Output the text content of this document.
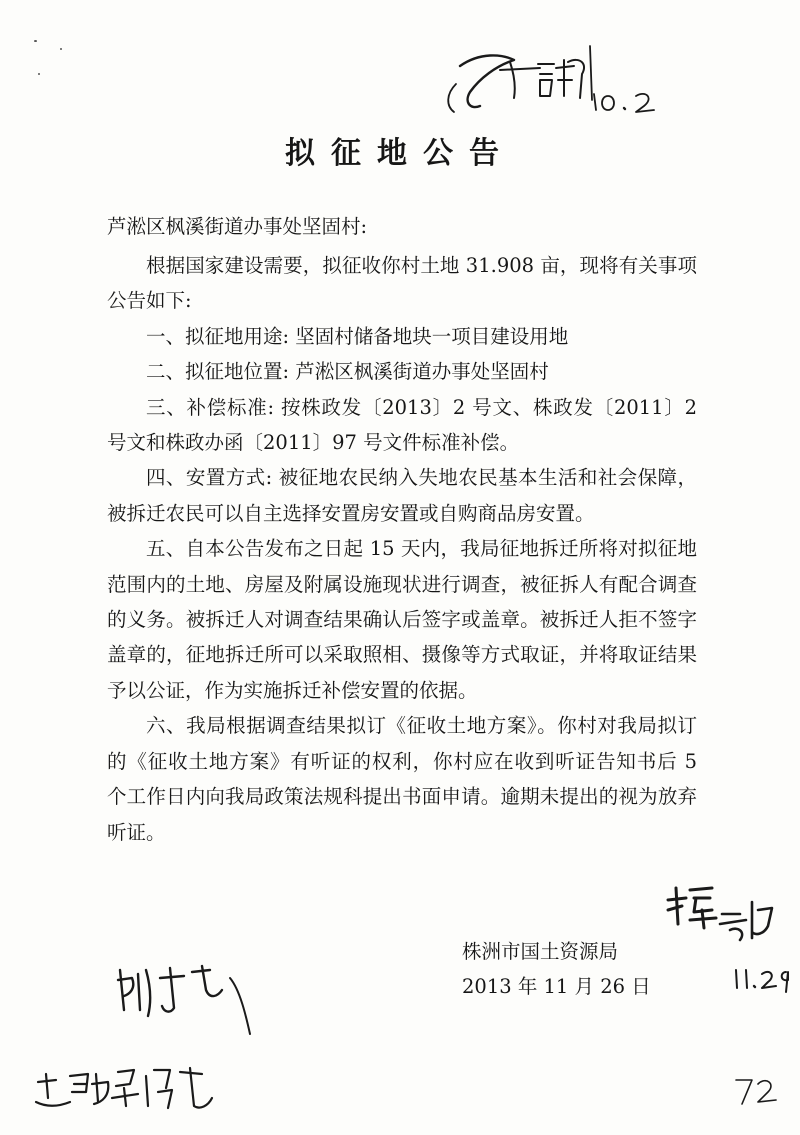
拟征地公告

芦淞区枫溪街道办事处坚固村:

根据国家建设需要，拟征收你村土地 31.908 亩，现将有关事项公告如下:

一、拟征地用途: 坚固村储备地块一项目建设用地

二、拟征地位置: 芦淞区枫溪街道办事处坚固村

三、补偿标准: 按株政发〔2013〕2 号文、株政发〔2011〕2 号文和株政办函〔2011〕97 号文件标准补偿。

四、安置方式: 被征地农民纳入失地农民基本生活和社会保障，被拆迁农民可以自主选择安置房安置或自购商品房安置。

五、自本公告发布之日起 15 天内，我局征地拆迁所将对拟征地范围内的土地、房屋及附属设施现状进行调查，被征拆人有配合调查的义务。被拆迁人对调查结果确认后签字或盖章。被拆迁人拒不签字盖章的，征地拆迁所可以采取照相、摄像等方式取证，并将取证结果予以公证，作为实施拆迁补偿安置的依据。

六、我局根据调查结果拟订《征收土地方案》。你村对我局拟订的《征收土地方案》有听证的权利，你村应在收到听证告知书后 5 个工作日内向我局政策法规科提出书面申请。逾期未提出的视为放弃听证。

株洲市国土资源局

2013 年 11 月 26 日
